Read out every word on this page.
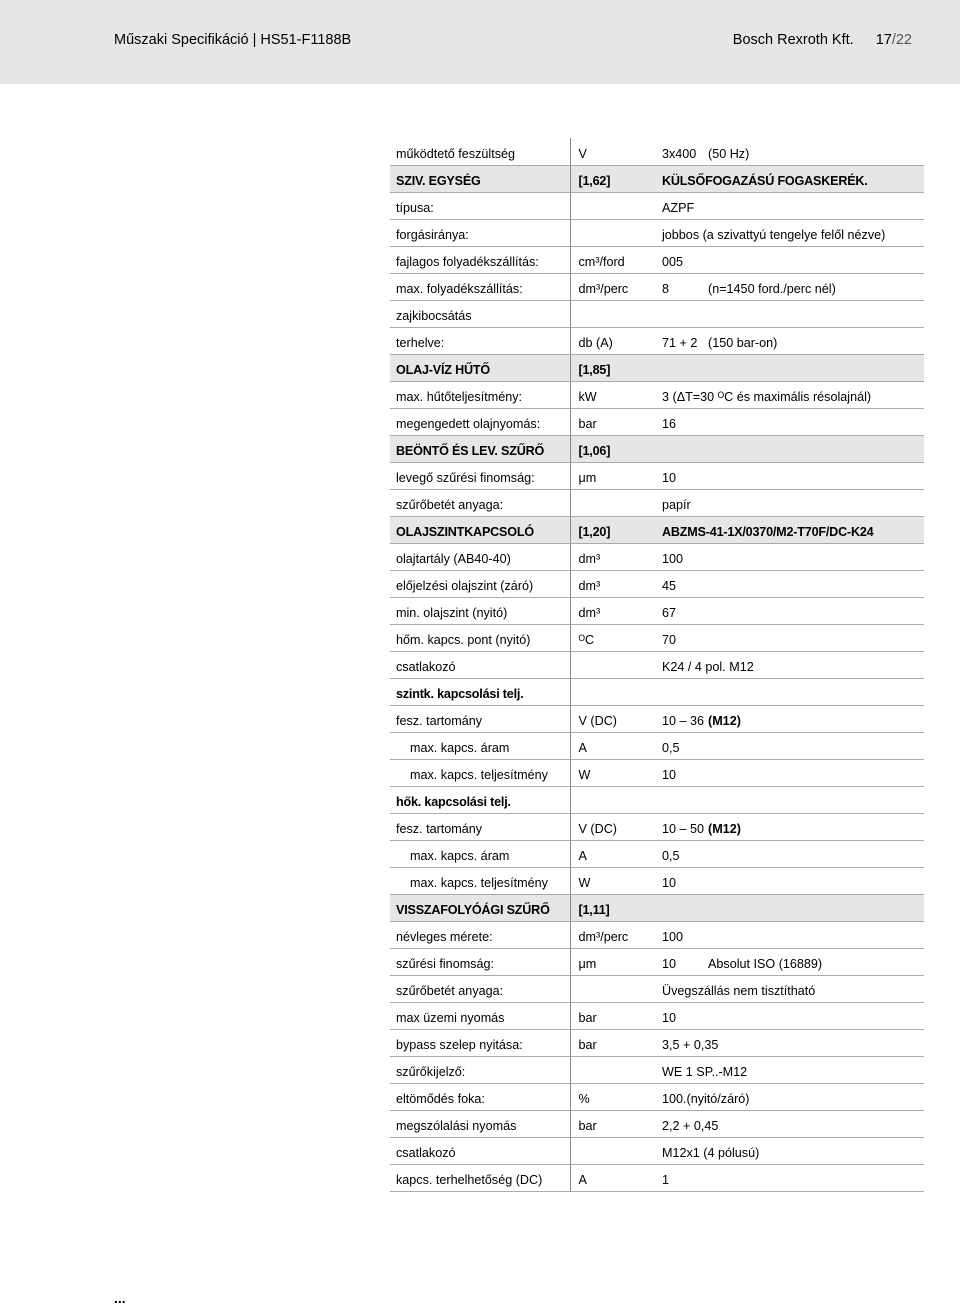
Műszaki Specifikáció | HS51-F1188B	Bosch Rexroth Kft. 17/22
működtető feszültség	V	3x400	(50 Hz)
SZIV. EGYSÉG	[1,62]	KÜLSŐFOGAZÁSÚ FOGASKERÉK.	
típusa:		AZPF	
forgásiránya:		jobbos (a szivattyú tengelye felől nézve)	
fajlagos folyadékszállítás:	cm³/ford	005	
max. folyadékszállítás:	dm³/perc	8	(n=1450 ford./perc nél)
zajkibocsátás			
terhelve:	db (A)	71 + 2	(150 bar-on)
OLAJ-VÍZ HŰTŐ	[1,85]		
max. hűtőteljesítmény:	kW	3 (ΔT=30 ᴼC és maximális résolajnál)	
megengedett olajnyomás:	bar	16	
BEÖNTŐ ÉS LEV. SZŰRŐ	[1,06]		
levegő szűrési finomság:	μm	10	
szűrőbetét anyaga:		papír	
OLAJSZINTKAPCSOLÓ	[1,20]	ABZMS-41-1X/0370/M2-T70F/DC-K24	
olajtartály (AB40-40)	dm³	100	
előjelzési olajszint (záró)	dm³	45	
min. olajszint (nyitó)	dm³	67	
hőm. kapcs. pont (nyitó)	ᴼC	70	
csatlakozó		K24 / 4 pol. M12	
szintk. kapcsolási telj.			
fesz. tartomány	V (DC)	10 – 36	(M12)
max. kapcs. áram	A	0,5	
max. kapcs. teljesítmény	W	10	
hők. kapcsolási telj.			
fesz. tartomány	V (DC)	10 – 50	(M12)
max. kapcs. áram	A	0,5	
max. kapcs. teljesítmény	W	10	
VISSZAFOLYÓÁGI SZŰRŐ	[1,11]		
névleges mérete:	dm³/perc	100	
szűrési finomság:	μm	10	Absolut ISO (16889)
szűrőbetét anyaga:		Üvegszállás nem tisztítható	
max üzemi nyomás	bar	10	
bypass szelep nyitása:	bar	3,5 + 0,35	
szűrőkijelző:		WE 1 SP..-M12	
eltömődés foka:	%	100.(nyitó/záró)	
megszólalási nyomás	bar	2,2 + 0,45	
csatlakozó		M12x1 (4 pólusú)	
kapcs. terhelhetőség (DC)	A	1	
...
